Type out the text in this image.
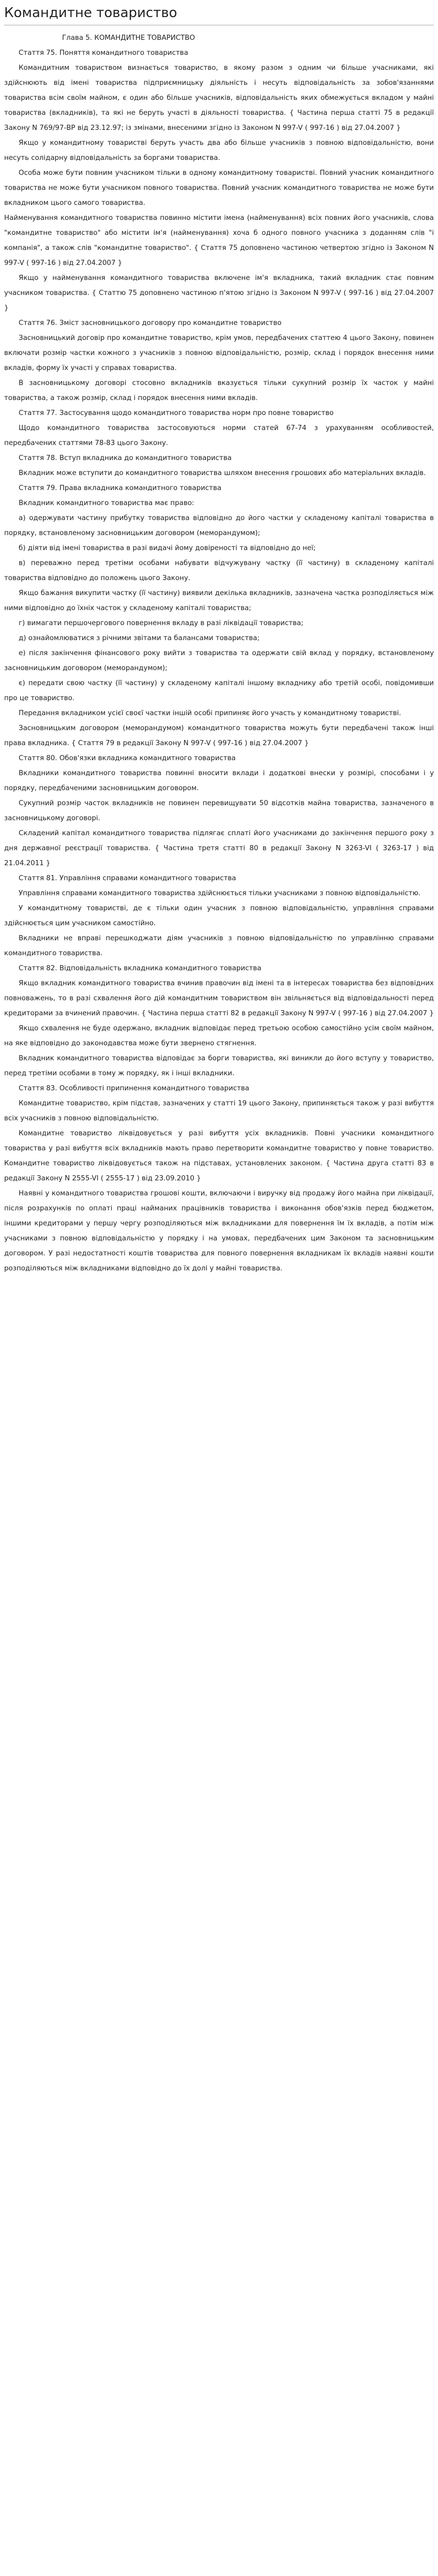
Командитне товариство

Глава 5. КОМАНДИТНЕ ТОВАРИСТВО

Стаття 75. Поняття командитного товариства

Командитним товариством визнається товариство, в якому разом з одним чи більше учасниками, які здійснюють від імені товариства підприємницьку діяльність і несуть відповідальність за зобов'язаннями товариства всім своїм майном, є один або більше учасників, відповідальність яких обмежується вкладом у майні товариства (вкладників), та які не беруть участі в діяльності товариства. { Частина перша статті 75 в редакції Закону N 769/97-ВР від 23.12.97; із змінами, внесеними згідно із Законом N 997-V ( 997-16 ) від 27.04.2007 }

Якщо у командитному товаристві беруть участь два або більше учасників з повною відповідальністю, вони несуть солідарну відповідальність за боргами товариства.

Особа може бути повним учасником тільки в одному командитному товаристві. Повний учасник командитного товариства не може бути учасником повного товариства. Повний учасник командитного товариства не може бути вкладником цього самого товариства.

Найменування командитного товариства повинно містити імена (найменування) всіх повних його учасників, слова "командитне товариство" або містити ім'я (найменування) хоча б одного повного учасника з доданням слів "і компанія", а також слів "командитне товариство". { Стаття 75 доповнено частиною четвертою згідно із Законом N 997-V ( 997-16 ) від 27.04.2007 }

Якщо у найменування командитного товариства включене ім'я вкладника, такий вкладник стає повним учасником товариства. { Статтю 75 доповнено частиною п'ятою згідно із Законом N 997-V ( 997-16 ) від 27.04.2007 }

Стаття 76. Зміст засновницького договору про командитне товариство

Засновницький договір про командитне товариство, крім умов, передбачених статтею 4 цього Закону, повинен включати розмір частки кожного з учасників з повною відповідальністю, розмір, склад і порядок внесення ними вкладів, форму їх участі у справах товариства.

В засновницькому договорі стосовно вкладників вказується тільки сукупний розмір їх часток у майні товариства, а також розмір, склад і порядок внесення ними вкладів.

Стаття 77. Застосування щодо командитного товариства норм про повне товариство

Щодо командитного товариства застосовуються норми статей 67-74 з урахуванням особливостей, передбачених статтями 78-83 цього Закону.

Стаття 78. Вступ вкладника до командитного товариства

Вкладник може вступити до командитного товариства шляхом внесення грошових або матеріальних вкладів.

Стаття 79. Права вкладника командитного товариства

Вкладник командитного товариства має право:

а) одержувати частину прибутку товариства відповідно до його частки у складеному капіталі товариства в порядку, встановленому засновницьким договором (меморандумом);

б) діяти від імені товариства в разі видачі йому довіреності та відповідно до неї;

в) переважно перед третіми особами набувати відчужувану частку (її частину) в складеному капіталі товариства відповідно до положень цього Закону.

Якщо бажання викупити частку (її частину) виявили декілька вкладників, зазначена частка розподіляється між ними відповідно до їхніх часток у складеному капіталі товариства;

г) вимагати першочергового повернення вкладу в разі ліквідації товариства;

д) ознайомлюватися з річними звітами та балансами товариства;

е) після закінчення фінансового року вийти з товариства та одержати свій вклад у порядку, встановленому засновницьким договором (меморандумом);

є) передати свою частку (її частину) у складеному капіталі іншому вкладнику або третій особі, повідомивши про це товариство.

Передання вкладником усієї своєї частки іншій особі припиняє його участь у командитному товаристві.

Засновницьким договором (меморандумом) командитного товариства можуть бути передбачені також інші права вкладника. { Стаття 79 в редакції Закону N 997-V ( 997-16 ) від 27.04.2007 }

Стаття 80. Обов'язки вкладника командитного товариства

Вкладники командитного товариства повинні вносити вклади і додаткові внески у розмірі, способами і у порядку, передбаченими засновницьким договором.

Сукупний розмір часток вкладників не повинен перевищувати 50 відсотків майна товариства, зазначеного в засновницькому договорі.

Складений капітал командитного товариства підлягає сплаті його учасниками до закінчення першого року з дня державної реєстрації товариства. { Частина третя статті 80 в редакції Закону N 3263-VI ( 3263-17 ) від 21.04.2011 }

Стаття 81. Управління справами командитного товариства

Управління справами командитного товариства здійснюється тільки учасниками з повною відповідальністю.

У командитному товаристві, де є тільки один учасник з повною відповідальністю, управління справами здійснюється цим учасником самостійно.

Вкладники не вправі перешкоджати діям учасників з повною відповідальністю по управлінню справами командитного товариства.

Стаття 82. Відповідальність вкладника командитного товариства

Якщо вкладник командитного товариства вчинив правочин від імені та в інтересах товариства без відповідних повноважень, то в разі схвалення його дій командитним товариством він звільняється від відповідальності перед кредиторами за вчинений правочин. { Частина перша статті 82 в редакції Закону N 997-V ( 997-16 ) від 27.04.2007 }

Якщо схвалення не буде одержано, вкладник відповідає перед третьою особою самостійно усім своїм майном, на яке відповідно до законодавства може бути звернено стягнення.

Вкладник командитного товариства відповідає за борги товариства, які виникли до його вступу у товариство, перед третіми особами в тому ж порядку, як і інші вкладники.

Стаття 83. Особливості припинення командитного товариства

Командитне товариство, крім підстав, зазначених у статті 19 цього Закону, припиняється також у разі вибуття всіх учасників з повною відповідальністю.

Командитне товариство ліквідовується у разі вибуття усіх вкладників. Повні учасники командитного товариства у разі вибуття всіх вкладників мають право перетворити командитне товариство у повне товариство. Командитне товариство ліквідовується також на підставах, установлених законом. { Частина друга статті 83 в редакції Закону N 2555-VI ( 2555-17 ) від 23.09.2010 }

Наявні у командитного товариства грошові кошти, включаючи і виручку від продажу його майна при ліквідації, після розрахунків по оплаті праці найманих працівників товариства і виконання обов'язків перед бюджетом, іншими кредиторами у першу чергу розподіляються між вкладниками для повернення їм їх вкладів, а потім між учасниками з повною відповідальністю у порядку і на умовах, передбачених цим Законом та засновницьким договором. У разі недостатності коштів товариства для повного повернення вкладникам їх вкладів наявні кошти розподіляються між вкладниками відповідно до їх долі у майні товариства.
